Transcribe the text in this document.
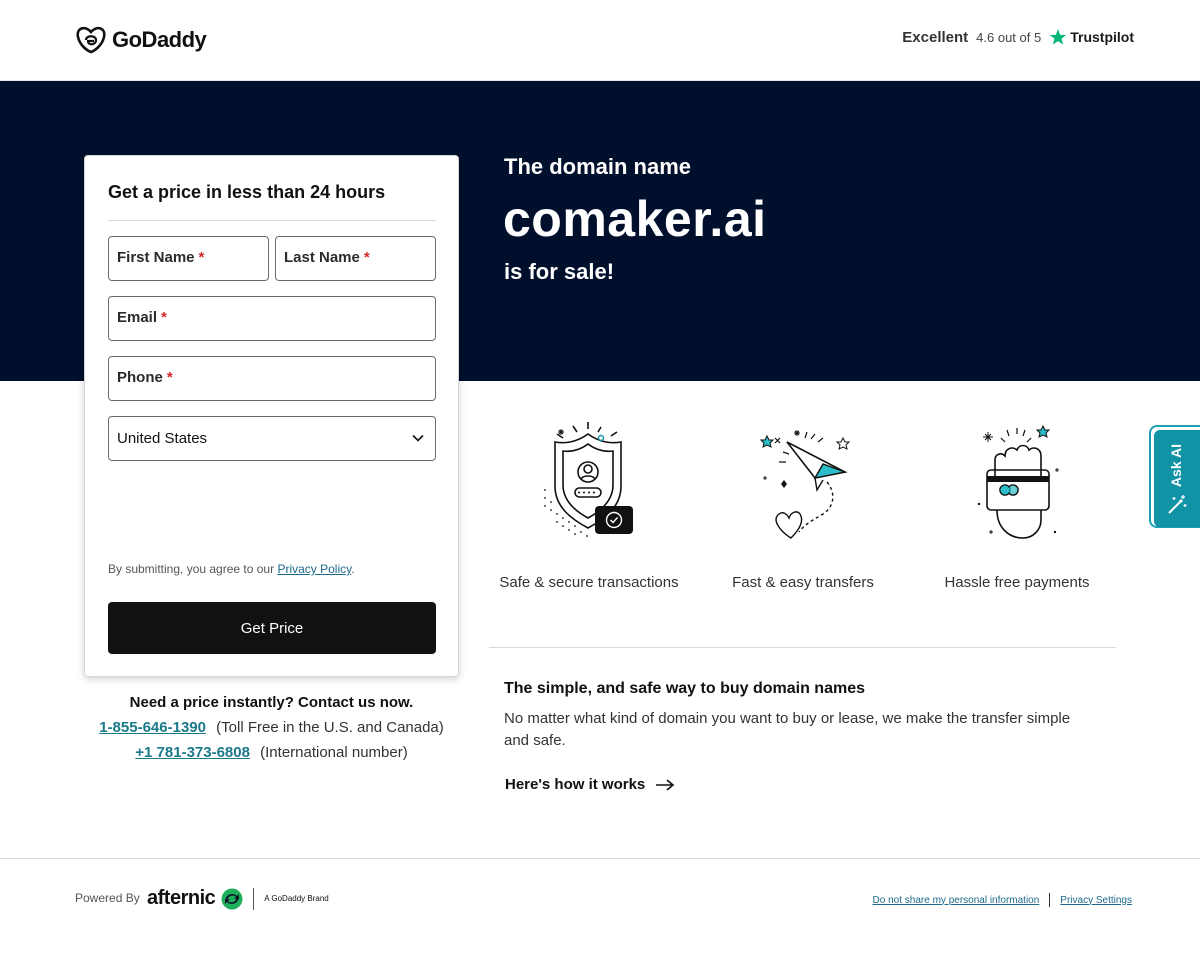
GoDaddy	Excellent 4.6 out of 5 Trustpilot
The domain name
comaker.ai
is for sale!
Get a price in less than 24 hours
First Name *	Last Name *
Email *
Phone *
United States
By submitting, you agree to our Privacy Policy.
Get Price
Need a price instantly? Contact us now.
1-855-646-1390 (Toll Free in the U.S. and Canada)
+1 781-373-6808 (International number)
Safe & secure transactions	Fast & easy transfers	Hassle free payments
The simple, and safe way to buy domain names
No matter what kind of domain you want to buy or lease, we make the transfer simple and safe.
Here's how it works
Ask AI
Powered By afternic	A GoDaddy Brand	Do not share my personal information Privacy Settings
